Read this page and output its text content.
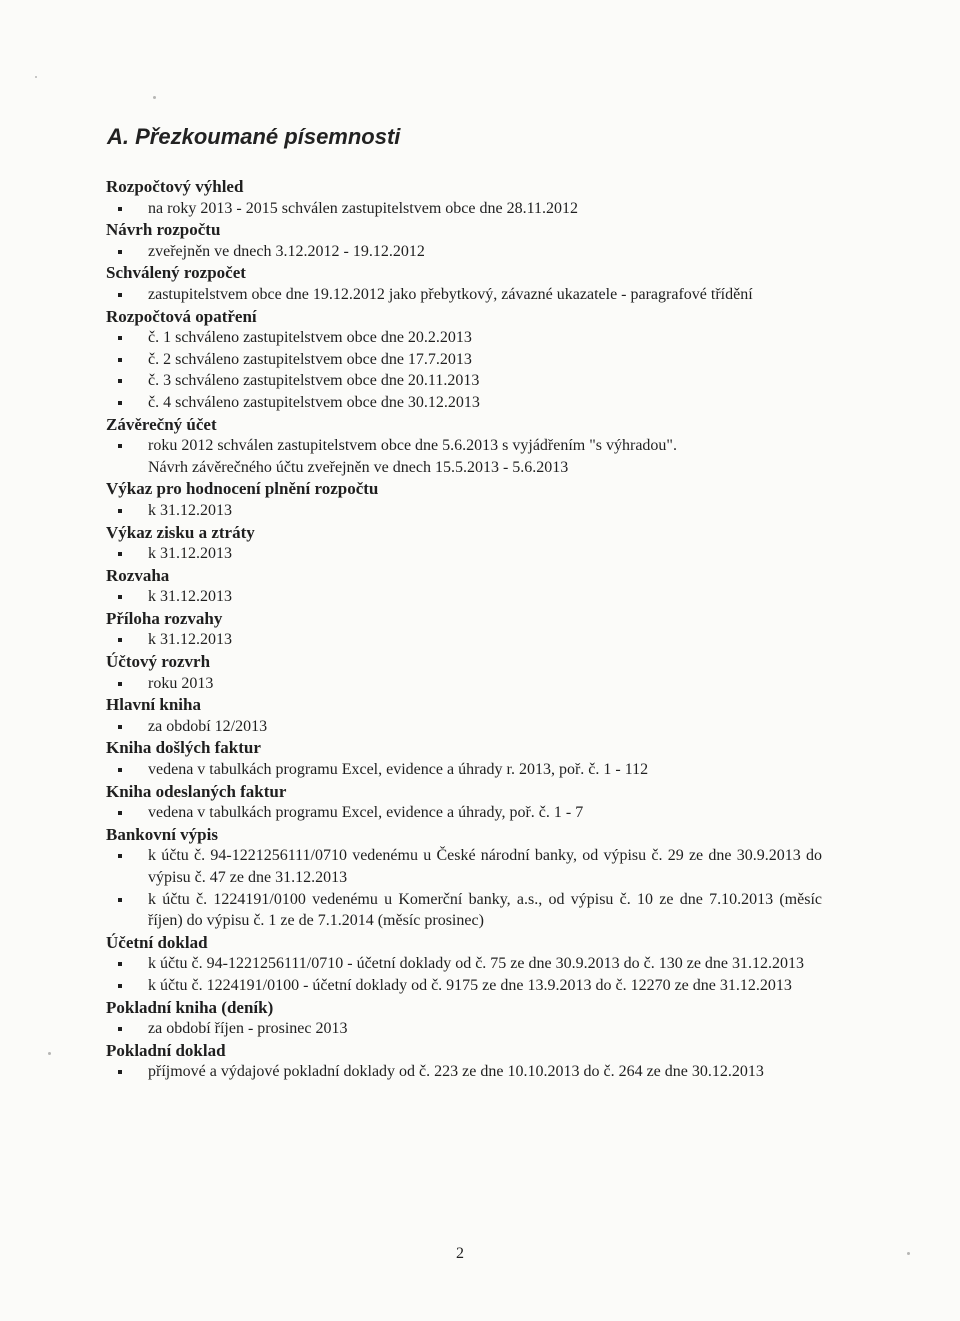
A. Přezkoumané písemnosti
Rozpočtový výhled
na roky 2013 - 2015 schválen zastupitelstvem obce dne 28.11.2012
Návrh rozpočtu
zveřejněn ve dnech 3.12.2012 - 19.12.2012
Schválený rozpočet
zastupitelstvem obce dne 19.12.2012 jako přebytkový, závazné ukazatele - paragrafové třídění
Rozpočtová opatření
č. 1 schváleno zastupitelstvem obce dne 20.2.2013
č. 2 schváleno zastupitelstvem obce dne 17.7.2013
č. 3 schváleno zastupitelstvem obce dne 20.11.2013
č. 4 schváleno zastupitelstvem obce dne 30.12.2013
Závěrečný účet
roku 2012 schválen zastupitelstvem obce dne 5.6.2013 s vyjádřením "s výhradou".
Návrh závěrečného účtu zveřejněn ve dnech 15.5.2013 - 5.6.2013
Výkaz pro hodnocení plnění rozpočtu
k 31.12.2013
Výkaz zisku a ztráty
k 31.12.2013
Rozvaha
k 31.12.2013
Příloha rozvahy
k 31.12.2013
Účtový rozvrh
roku 2013
Hlavní kniha
za období 12/2013
Kniha došlých faktur
vedena v tabulkách programu Excel, evidence a úhrady r. 2013, poř. č. 1 - 112
Kniha odeslaných faktur
vedena v tabulkách programu Excel, evidence a úhrady, poř. č. 1 - 7
Bankovní výpis
k účtu č. 94-1221256111/0710 vedenému u České národní banky, od výpisu č. 29 ze dne 30.9.2013 do výpisu č. 47 ze dne 31.12.2013
k účtu č. 1224191/0100 vedenému u Komerční banky, a.s., od výpisu č. 10 ze dne 7.10.2013 (měsíc říjen) do výpisu č. 1 ze de 7.1.2014 (měsíc prosinec)
Účetní doklad
k účtu č. 94-1221256111/0710 - účetní doklady od č. 75 ze dne 30.9.2013 do č. 130 ze dne 31.12.2013
k účtu č. 1224191/0100 - účetní doklady od č. 9175 ze dne 13.9.2013 do č. 12270 ze dne 31.12.2013
Pokladní kniha (deník)
za období říjen - prosinec 2013
Pokladní doklad
příjmové a výdajové pokladní doklady od č. 223 ze dne 10.10.2013 do č. 264 ze dne 30.12.2013

2
